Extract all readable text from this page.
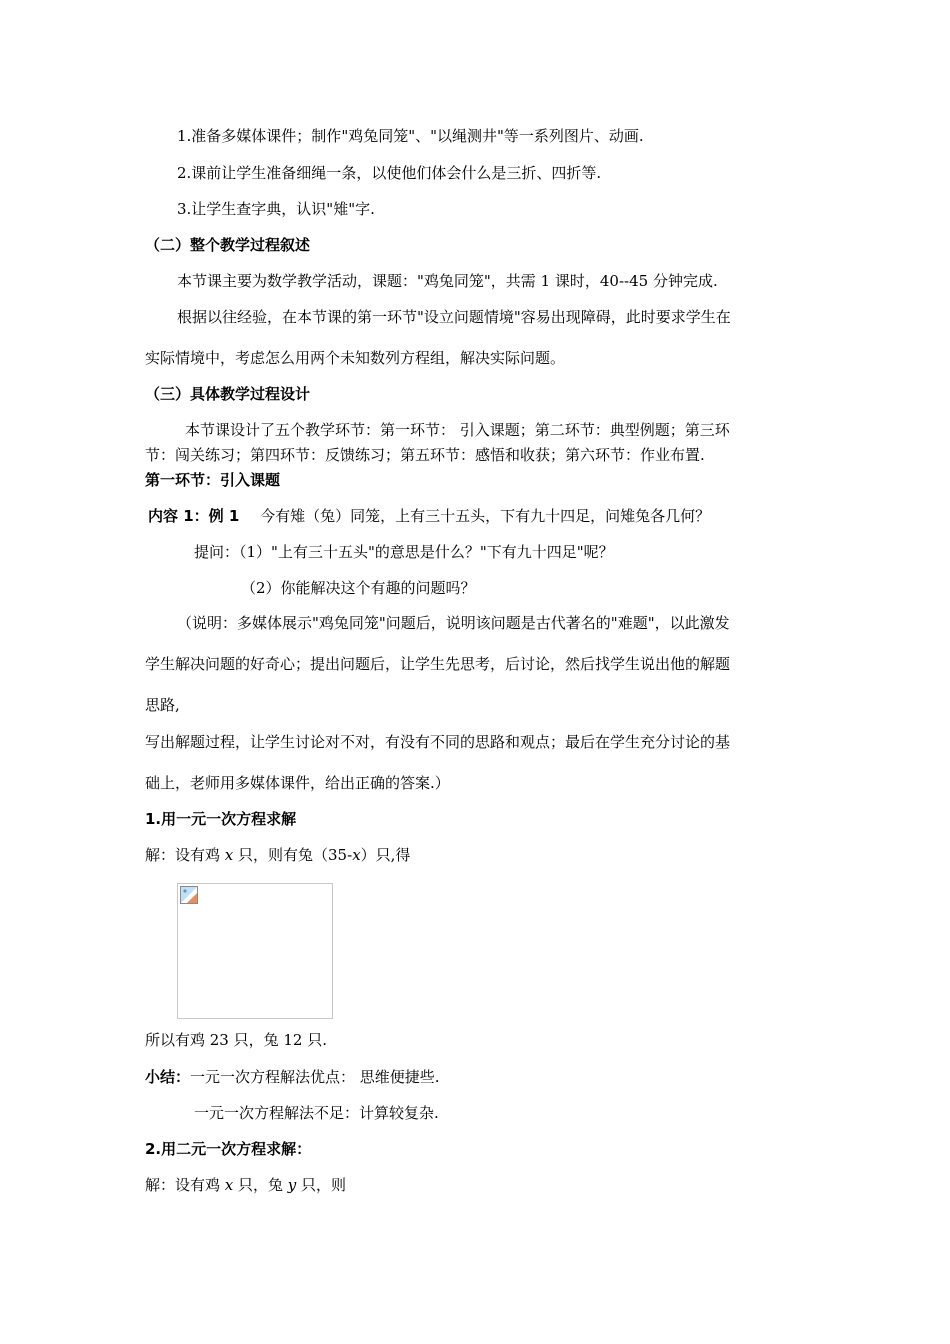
1.准备多媒体课件；制作"鸡兔同笼"、"以绳测井"等一系列图片、动画.
2.课前让学生准备细绳一条，以使他们体会什么是三折、四折等.
3.让学生查字典，认识"雉"字.
（二）整个教学过程叙述
本节课主要为数学教学活动，课题："鸡兔同笼"，共需 1 课时，40--45 分钟完成.
根据以往经验，在本节课的第一环节"设立问题情境"容易出现障碍，此时要求学生在
实际情境中，考虑怎么用两个未知数列方程组，解决实际问题。
（三）具体教学过程设计
本节课设计了五个教学环节：第一环节： 引入课题；第二环节：典型例题；第三环
节：闯关练习；第四环节：反馈练习；第五环节：感悟和收获；第六环节：作业布置.
第一环节：引入课题
内容 1：例 1 今有雉（兔）同笼，上有三十五头，下有九十四足，问雉兔各几何？
提问：（1）"上有三十五头"的意思是什么？"下有九十四足"呢？
（2）你能解决这个有趣的问题吗？
（说明：多媒体展示"鸡兔同笼"问题后，说明该问题是古代著名的"难题"，以此激发
学生解决问题的好奇心；提出问题后，让学生先思考，后讨论，然后找学生说出他的解题
思路,
写出解题过程，让学生讨论对不对，有没有不同的思路和观点；最后在学生充分讨论的基
础上，老师用多媒体课件，给出正确的答案.）
1.用一元一次方程求解
解：设有鸡 x 只，则有兔（35-x）只,得
所以有鸡 23 只，兔 12 只.
小结：一元一次方程解法优点： 思维便捷些.
一元一次方程解法不足：计算较复杂.
2.用二元一次方程求解：
解：设有鸡 x 只，兔 y 只，则
